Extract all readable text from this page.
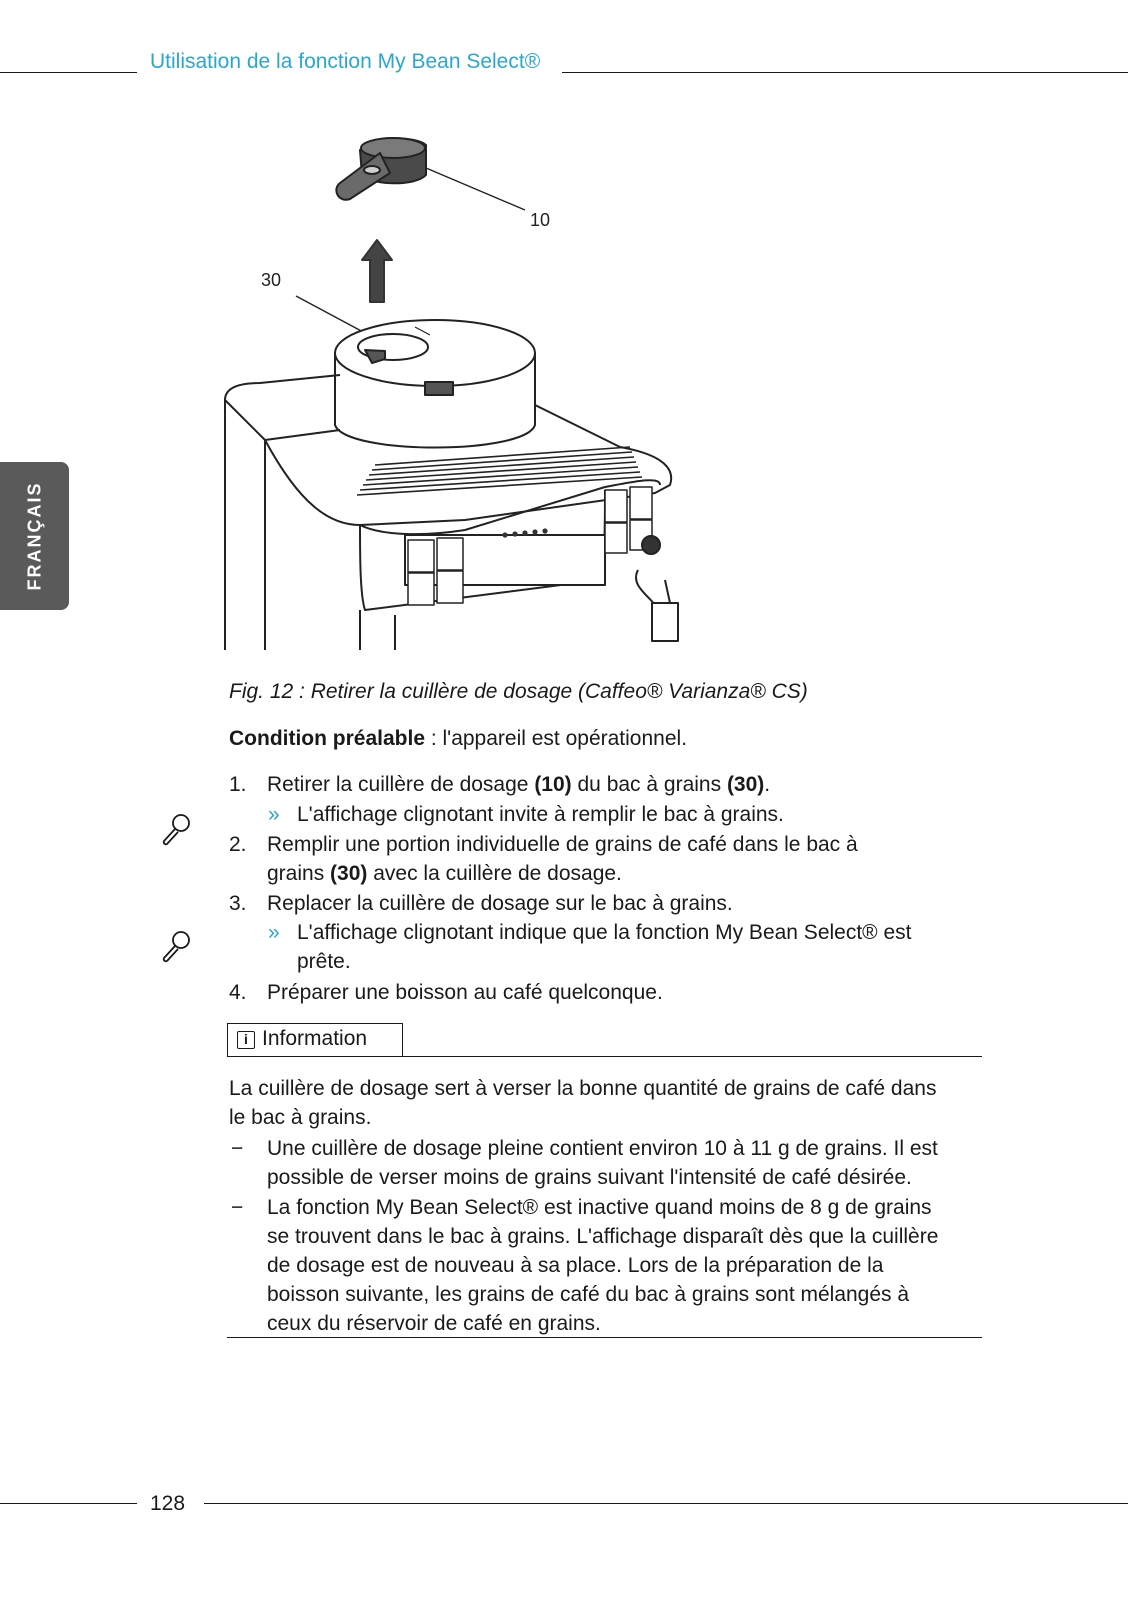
Utilisation de la fonction My Bean Select®
FRANÇAIS
10
30
Fig. 12 : Retirer la cuillère de dosage (Caffeo® Varianza® CS)
Condition préalable : l'appareil est opérationnel.
1. Retirer la cuillère de dosage (10) du bac à grains (30).
» L'affichage clignotant invite à remplir le bac à grains.
2. Remplir une portion individuelle de grains de café dans le bac à
grains (30) avec la cuillère de dosage.
3. Replacer la cuillère de dosage sur le bac à grains.
» L'affichage clignotant indique que la fonction My Bean Select® est
prête.
4. Préparer une boisson au café quelconque.
i Information
La cuillère de dosage sert à verser la bonne quantité de grains de café dans
le bac à grains.
− Une cuillère de dosage pleine contient environ 10 à 11 g de grains. Il est
possible de verser moins de grains suivant l'intensité de café désirée.
− La fonction My Bean Select® est inactive quand moins de 8 g de grains
se trouvent dans le bac à grains. L'affichage disparaît dès que la cuillère
de dosage est de nouveau à sa place. Lors de la préparation de la
boisson suivante, les grains de café du bac à grains sont mélangés à
ceux du réservoir de café en grains.
128
